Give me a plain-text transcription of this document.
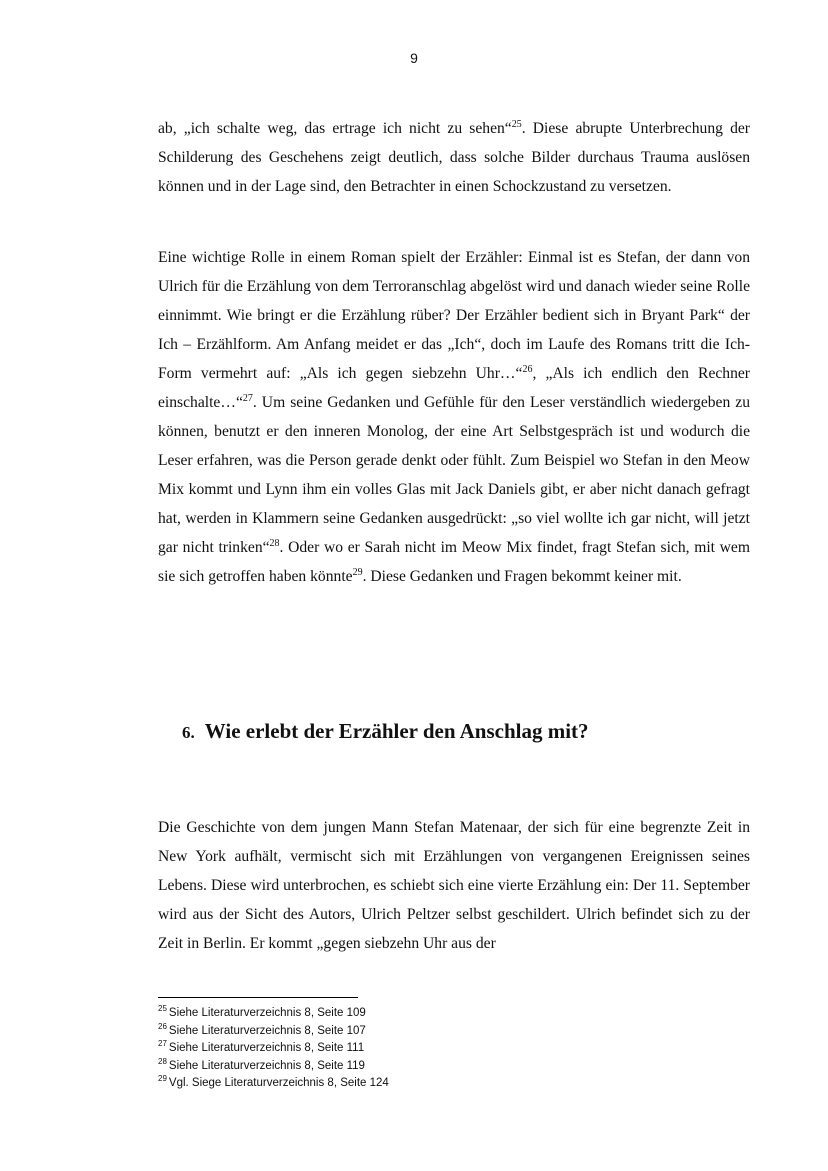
9

ab, „ich schalte weg, das ertrage ich nicht zu sehen“$^{25}$. Diese abrupte Unterbrechung der Schilderung des Geschehens zeigt deutlich, dass solche Bilder durchaus Trauma auslösen können und in der Lage sind, den Betrachter in einen Schockzustand zu versetzen.

Eine wichtige Rolle in einem Roman spielt der Erzähler: Einmal ist es Stefan, der dann von Ulrich für die Erzählung von dem Terroranschlag abgelöst wird und danach wieder seine Rolle einnimmt. Wie bringt er die Erzählung rüber? Der Erzähler bedient sich in Bryant Park“ der Ich – Erzählform. Am Anfang meidet er das „Ich“, doch im Laufe des Romans tritt die Ich- Form vermehrt auf: „Als ich gegen siebzehn Uhr…“$^{26}$, „Als ich endlich den Rechner einschalte…“$^{27}$. Um seine Gedanken und Gefühle für den Leser verständlich wiedergeben zu können, benutzt er den inneren Monolog, der eine Art Selbstgespräch ist und wodurch die Leser erfahren, was die Person gerade denkt oder fühlt. Zum Beispiel wo Stefan in den Meow Mix kommt und Lynn ihm ein volles Glas mit Jack Daniels gibt, er aber nicht danach gefragt hat, werden in Klammern seine Gedanken ausgedrückt: „so viel wollte ich gar nicht, will jetzt gar nicht trinken“$^{28}$. Oder wo er Sarah nicht im Meow Mix findet, fragt Stefan sich, mit wem sie sich getroffen haben könnte$^{29}$. Diese Gedanken und Fragen bekommt keiner mit.

6. Wie erlebt der Erzähler den Anschlag mit?

Die Geschichte von dem jungen Mann Stefan Matenaar, der sich für eine begrenzte Zeit in New York aufhält, vermischt sich mit Erzählungen von vergangenen Ereignissen seines Lebens. Diese wird unterbrochen, es schiebt sich eine vierte Erzählung ein: Der 11. September wird aus der Sicht des Autors, Ulrich Peltzer selbst geschildert. Ulrich befindet sich zu der Zeit in Berlin. Er kommt „gegen siebzehn Uhr aus der

$^{25}$ Siehe Literaturverzeichnis 8, Seite 109
$^{26}$ Siehe Literaturverzeichnis 8, Seite 107
$^{27}$ Siehe Literaturverzeichnis 8, Seite 111
$^{28}$ Siehe Literaturverzeichnis 8, Seite 119
$^{29}$ Vgl. Siege Literaturverzeichnis 8, Seite 124
